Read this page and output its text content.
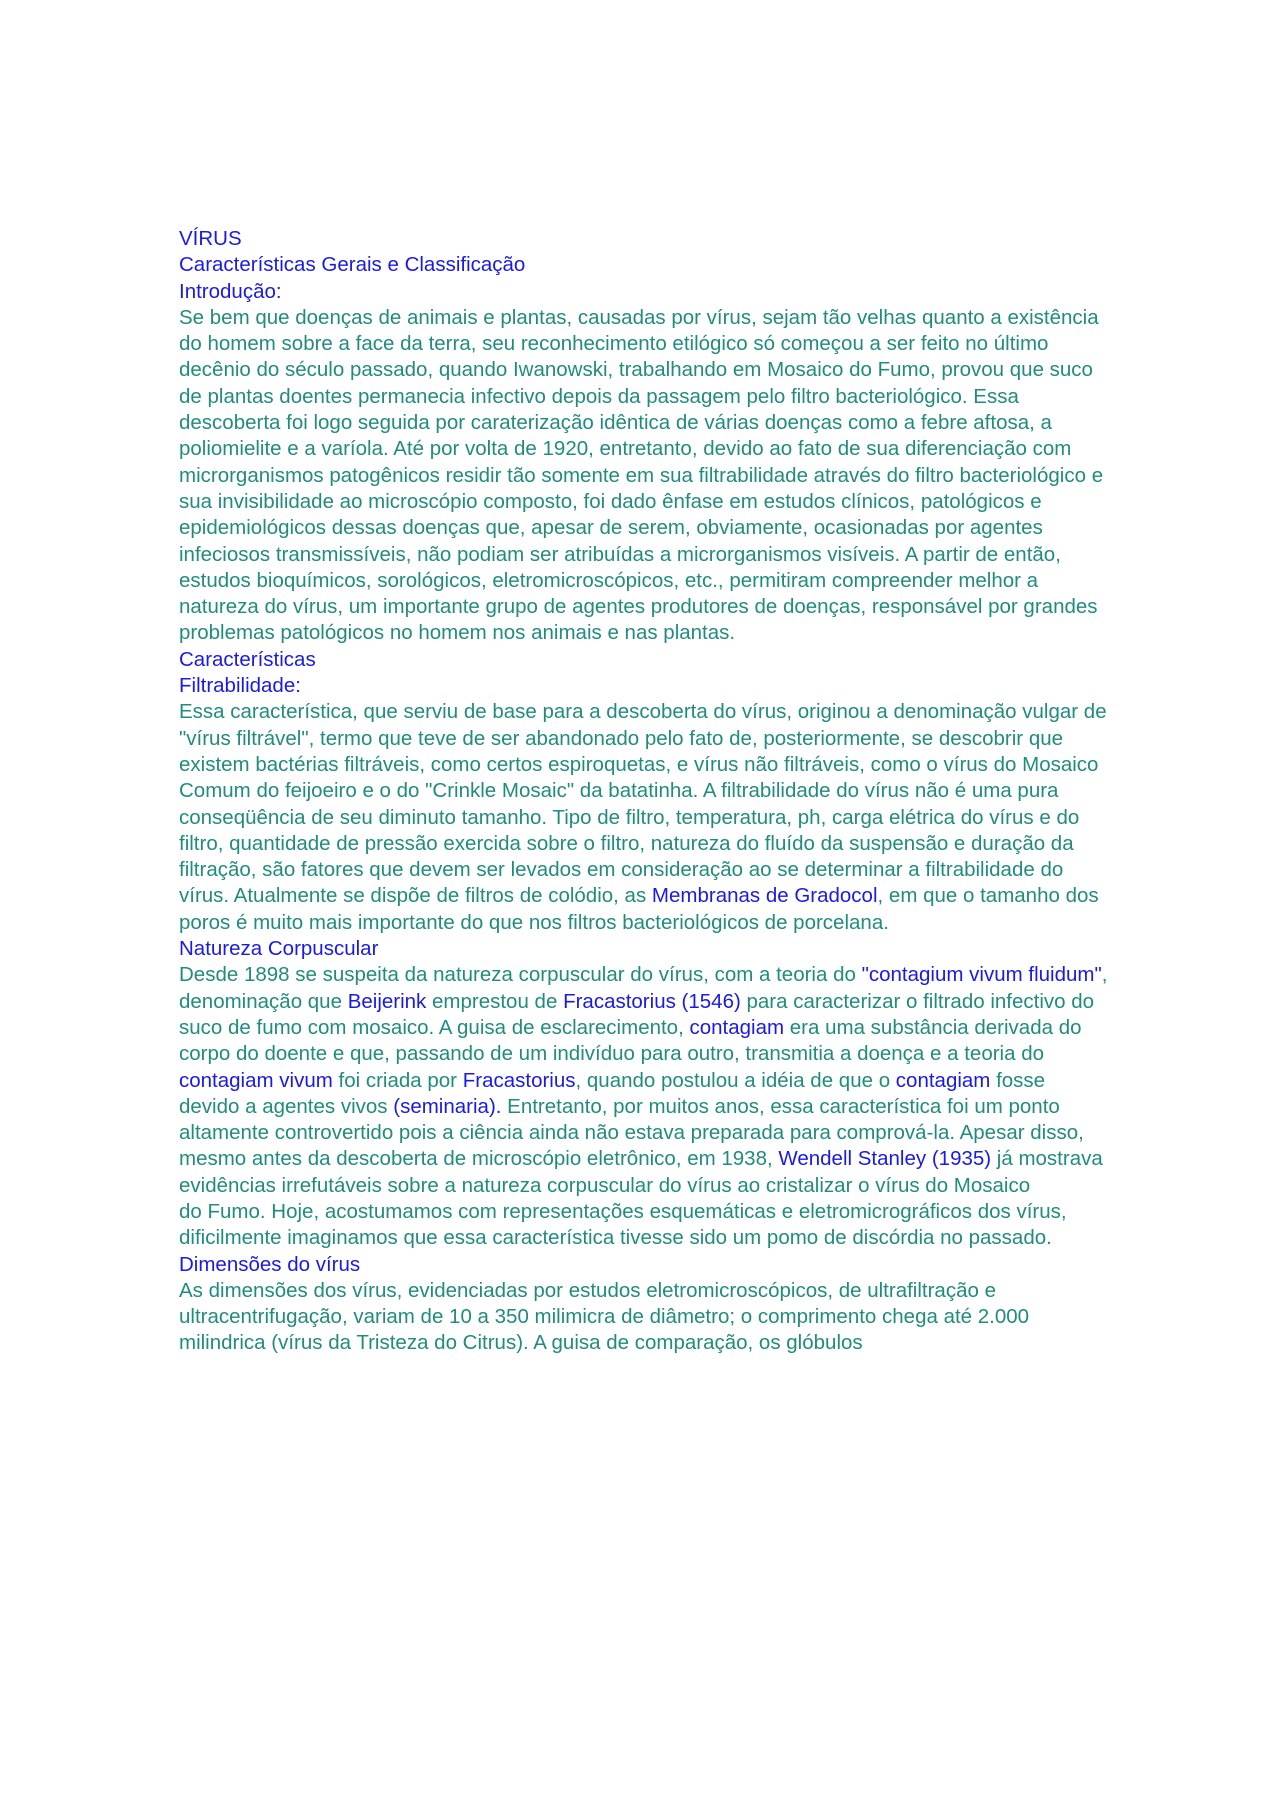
VÍRUS

Características Gerais e Classificação

Introdução:

Se bem que doenças de animais e plantas, causadas por vírus, sejam tão velhas quanto a existência do homem sobre a face da terra, seu reconhecimento etilógico só começou a ser feito no último decênio do século passado, quando Iwanowski, trabalhando em Mosaico do Fumo, provou que suco de plantas doentes permanecia infectivo depois da passagem pelo filtro bacteriológico. Essa descoberta foi logo seguida por caraterização idêntica de várias doenças como a febre aftosa, a poliomielite e a varíola. Até por volta de 1920, entretanto, devido ao fato de sua diferenciação com microrganismos patogênicos residir tão somente em sua filtrabilidade através do filtro bacteriológico e sua invisibilidade ao microscópio composto, foi dado ênfase em estudos clínicos, patológicos e epidemiológicos dessas doenças que, apesar de serem, obviamente, ocasionadas por agentes infeciosos transmissíveis, não podiam ser atribuídas a microrganismos visíveis. A partir de então, estudos bioquímicos, sorológicos, eletromicroscópicos, etc., permitiram compreender melhor a natureza do vírus, um importante grupo de agentes produtores de doenças, responsável por grandes problemas patológicos no homem nos animais e nas plantas.

Características

Filtrabilidade:

Essa característica, que serviu de base para a descoberta do vírus, originou a denominação vulgar de "vírus filtrável", termo que teve de ser abandonado pelo fato de, posteriormente, se descobrir que existem bactérias filtráveis, como certos espiroquetas, e vírus não filtráveis, como o vírus do Mosaico Comum do feijoeiro e o do "Crinkle Mosaic" da batatinha. A filtrabilidade do vírus não é uma pura conseqüência de seu diminuto tamanho. Tipo de filtro, temperatura, ph, carga elétrica do vírus e do filtro, quantidade de pressão exercida sobre o filtro, natureza do fluído da suspensão e duração da filtração, são fatores que devem ser levados em consideração ao se determinar a filtrabilidade do vírus. Atualmente se dispõe de filtros de colódio, as Membranas de Gradocol, em que o tamanho dos poros é muito mais importante do que nos filtros bacteriológicos de porcelana.

Natureza Corpuscular

Desde 1898 se suspeita da natureza corpuscular do vírus, com a teoria do "contagium vivum fluidum", denominação que Beijerink emprestou de Fracastorius (1546) para caracterizar o filtrado infectivo do suco de fumo com mosaico. A guisa de esclarecimento, contagiam era uma substância derivada do corpo do doente e que, passando de um indivíduo para outro, transmitia a doença e a teoria do contagiam vivum foi criada por Fracastorius, quando postulou a idéia de que o contagiam fosse devido a agentes vivos (seminaria). Entretanto, por muitos anos, essa característica foi um ponto altamente controvertido pois a ciência ainda não estava preparada para comprová-la. Apesar disso, mesmo antes da descoberta de microscópio eletrônico, em 1938, Wendell Stanley (1935) já mostrava evidências irrefutáveis sobre a natureza corpuscular do vírus ao cristalizar o vírus do Mosaico

do Fumo. Hoje, acostumamos com representações esquemáticas e eletromicrográficos dos vírus, dificilmente imaginamos que essa característica tivesse sido um pomo de discórdia no passado.

Dimensões do vírus

As dimensões dos vírus, evidenciadas por estudos eletromicroscópicos, de ultrafiltração e ultracentrifugação, variam de 10 a 350 milimicra de diâmetro; o comprimento chega até 2.000 milindrica (vírus da Tristeza do Citrus). A guisa de comparação, os glóbulos
